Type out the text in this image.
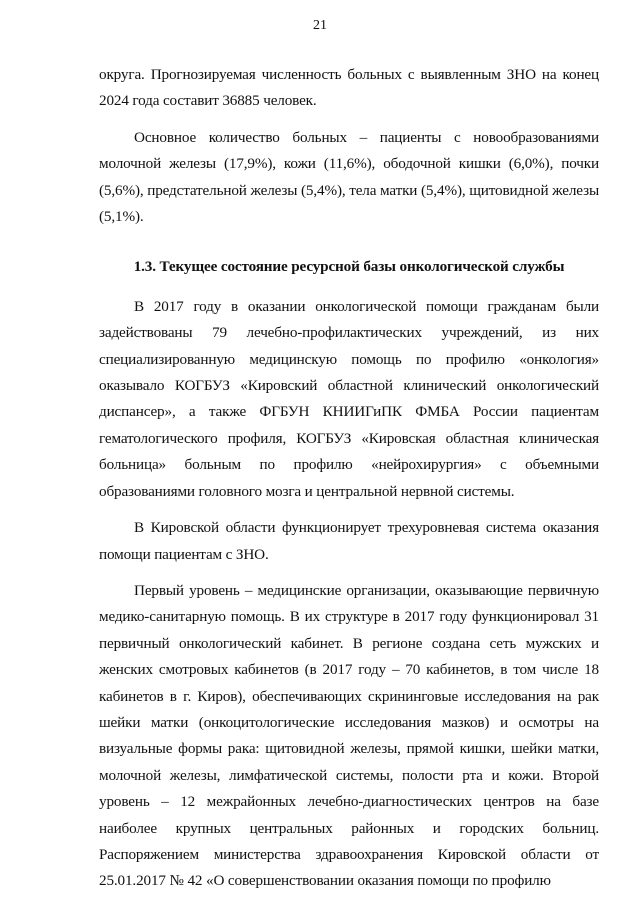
21

округа. Прогнозируемая численность больных с выявленным ЗНО на конец 2024 года составит 36885 человек.

Основное количество больных – пациенты с новообразованиями молочной железы (17,9%), кожи (11,6%), ободочной кишки (6,0%), почки (5,6%), предстательной железы (5,4%), тела матки (5,4%), щитовидной железы (5,1%).

1.3. Текущее состояние ресурсной базы онкологической службы

В 2017 году в оказании онкологической помощи гражданам были задействованы 79 лечебно-профилактических учреждений, из них специализированную медицинскую помощь по профилю «онкология» оказывало КОГБУЗ «Кировский областной клинический онкологический диспансер», а также ФГБУН КНИИГиПК ФМБА России пациентам гематологического профиля, КОГБУЗ «Кировская областная клиническая больница» больным по профилю «нейрохирургия» с объемными образованиями головного мозга и центральной нервной системы.

В Кировской области функционирует трехуровневая система оказания помощи пациентам с ЗНО.

Первый уровень – медицинские организации, оказывающие первичную медико-санитарную помощь. В их структуре в 2017 году функционировал 31 первичный онкологический кабинет. В регионе создана сеть мужских и женских смотровых кабинетов (в 2017 году – 70 кабинетов, в том числе 18 кабинетов в г. Киров), обеспечивающих скрининговые исследования на рак шейки матки (онкоцитологические исследования мазков) и осмотры на визуальные формы рака: щитовидной железы, прямой кишки, шейки матки, молочной железы, лимфатической системы, полости рта и кожи. Второй уровень – 12 межрайонных лечебно-диагностических центров на базе наиболее крупных центральных районных и городских больниц. Распоряжением министерства здравоохранения Кировской области от 25.01.2017 № 42 «О совершенствовании оказания помощи по профилю
